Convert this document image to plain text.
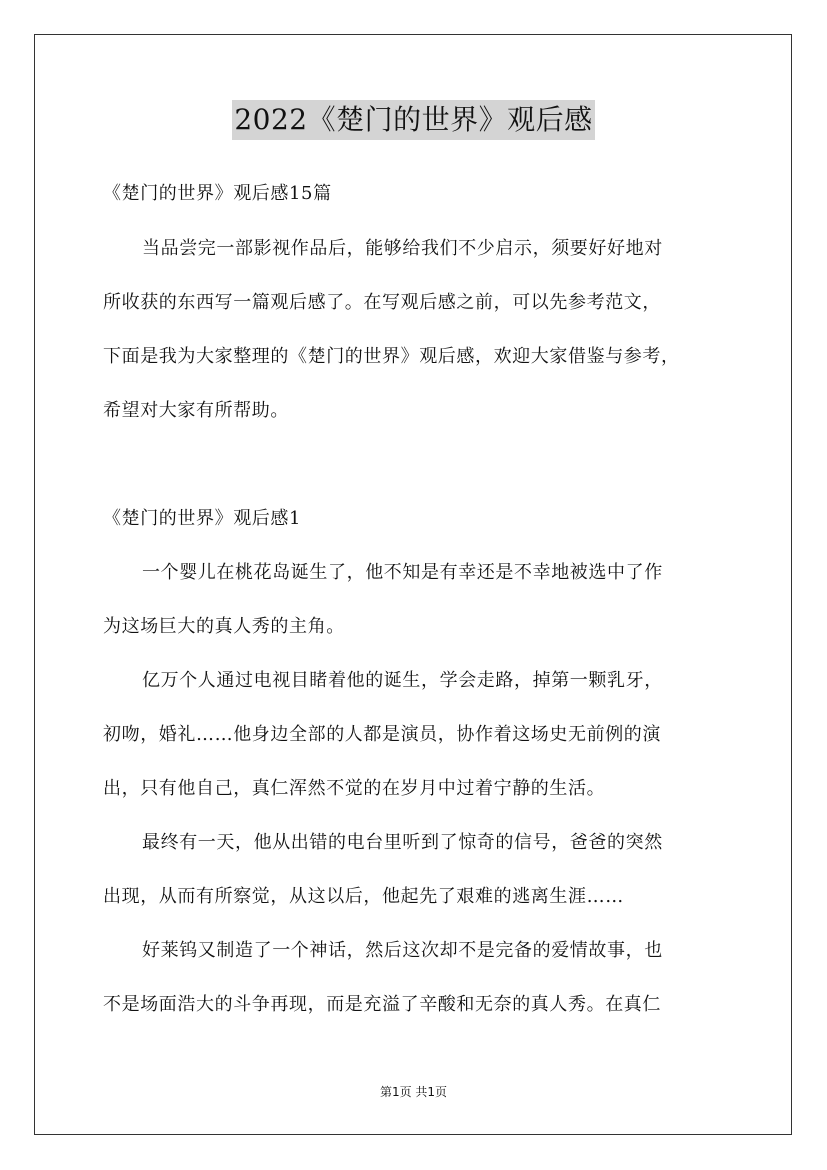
2022《楚门的世界》观后感
《楚门的世界》观后感15篇
当品尝完一部影视作品后，能够给我们不少启示，须要好好地对
所收获的东西写一篇观后感了。在写观后感之前，可以先参考范文，
下面是我为大家整理的《楚门的世界》观后感，欢迎大家借鉴与参考，
希望对大家有所帮助。
《楚门的世界》观后感1
一个婴儿在桃花岛诞生了，他不知是有幸还是不幸地被选中了作
为这场巨大的真人秀的主角。
亿万个人通过电视目睹着他的诞生，学会走路，掉第一颗乳牙，
初吻，婚礼……他身边全部的人都是演员，协作着这场史无前例的演
出，只有他自己，真仁浑然不觉的在岁月中过着宁静的生活。
最终有一天，他从出错的电台里听到了惊奇的信号，爸爸的突然
出现，从而有所察觉，从这以后，他起先了艰难的逃离生涯……
好莱钨又制造了一个神话，然后这次却不是完备的爱情故事，也
不是场面浩大的斗争再现，而是充溢了辛酸和无奈的真人秀。在真仁
第1页 共1页
